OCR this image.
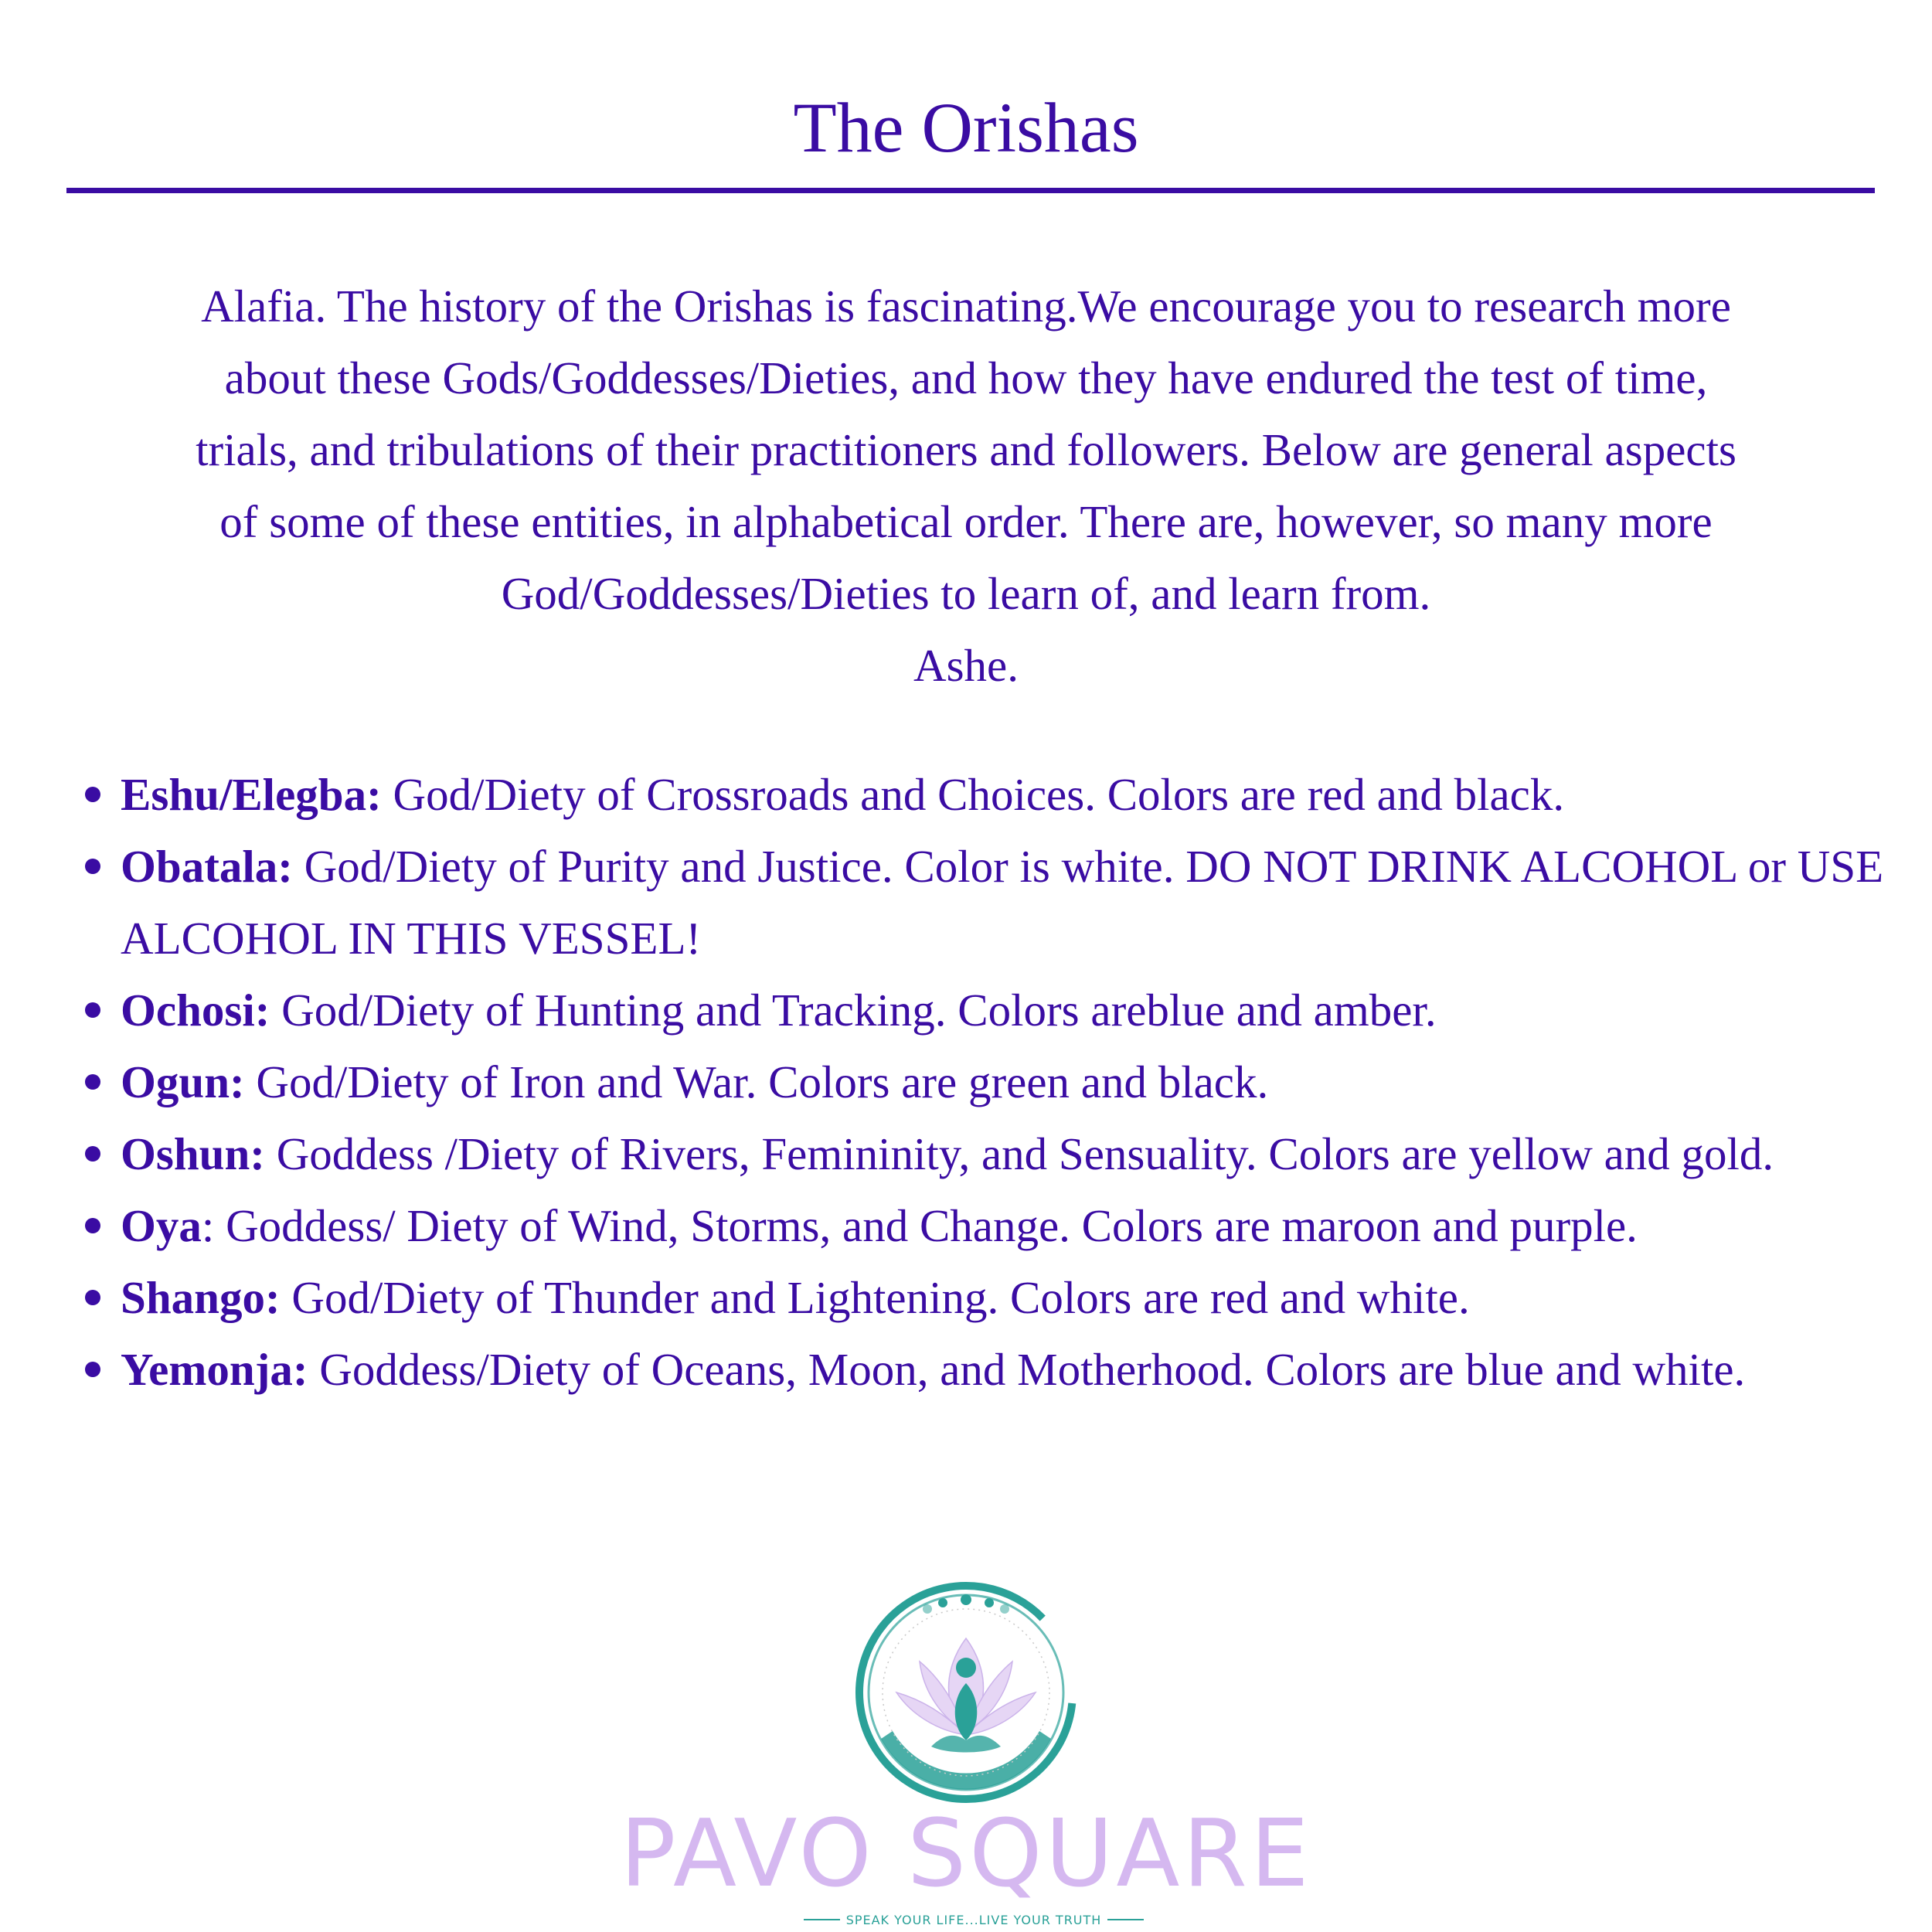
The Orishas

Alafia. The history of the Orishas is fascinating.We encourage you to research more

about these Gods/Goddesses/Dieties, and how they have endured the test of time,

trials, and tribulations of their practitioners and followers. Below are general aspects

of some of these entities, in alphabetical order. There are, however, so many more

God/Goddesses/Dieties to learn of, and learn from.

Ashe.

Eshu/Elegba: God/Diety of Crossroads and Choices. Colors are red and black.
Obatala: God/Diety of Purity and Justice. Color is white. DO NOT DRINK ALCOHOL or USE ALCOHOL IN THIS VESSEL!
Ochosi: God/Diety of Hunting and Tracking. Colors areblue and amber.
Ogun: God/Diety of Iron and War. Colors are green and black.
Oshun: Goddess /Diety of Rivers, Femininity, and Sensuality. Colors are yellow and gold.
Oya: Goddess/ Diety of Wind, Storms, and Change. Colors are maroon and purple.
Shango: God/Diety of Thunder and Lightening. Colors are red and white.
Yemonja: Goddess/Diety of Oceans, Moon, and Motherhood. Colors are blue and white.
PAVO SQUARE
SPEAK YOUR LIFE...LIVE YOUR TRUTH
